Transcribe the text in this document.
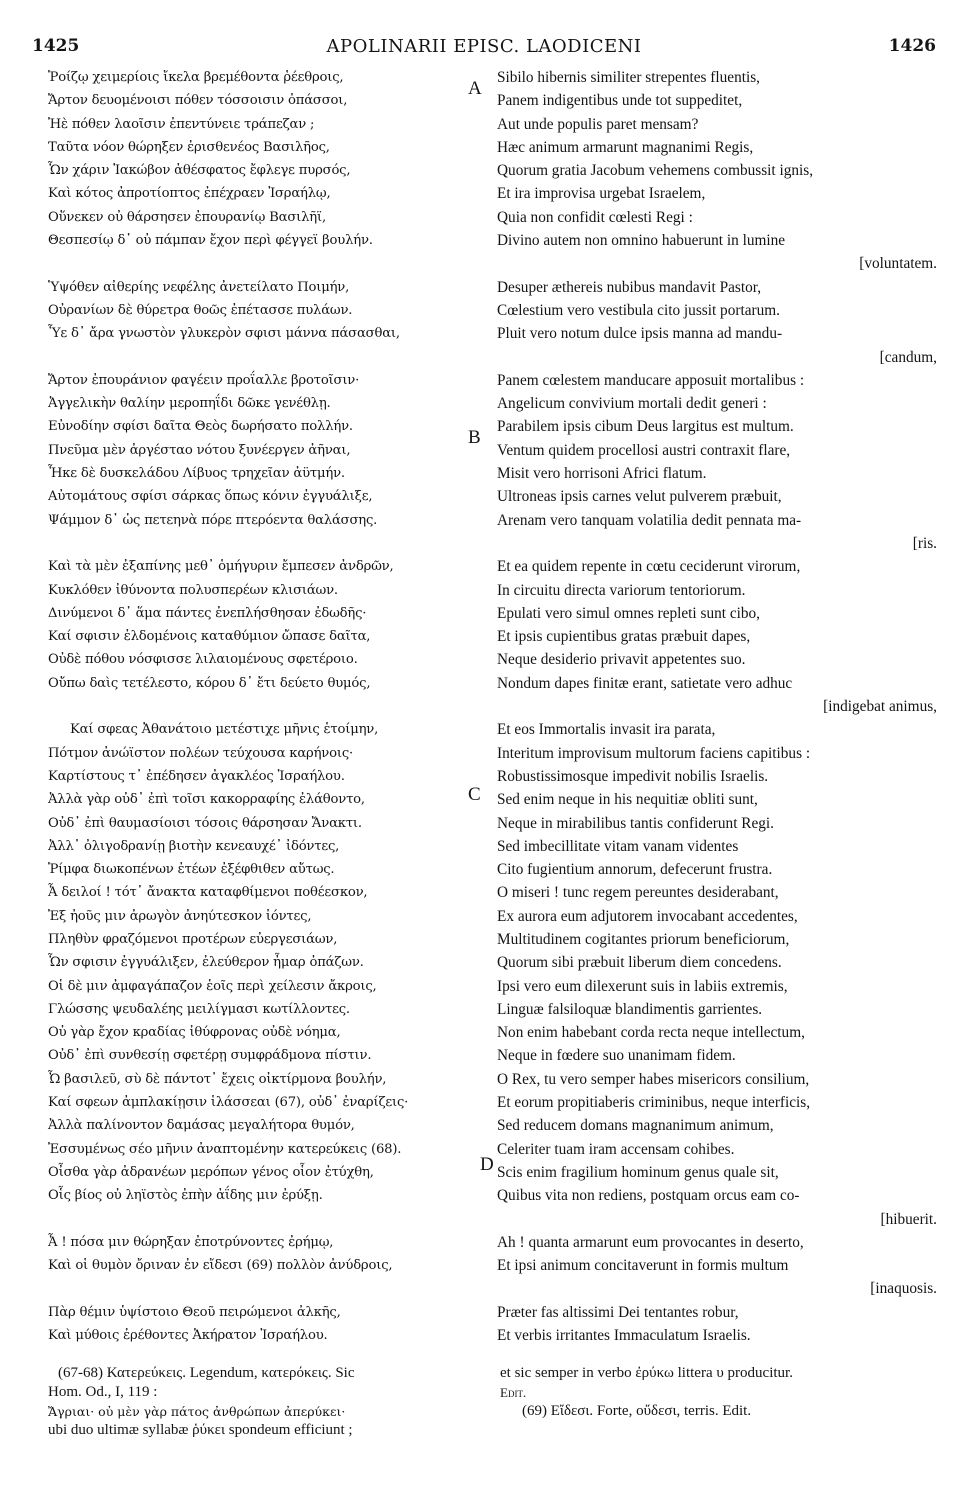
APOLINARII EPISC. LAODICENI
1425	1426
A
B
C
D
Ῥοίζῳ χειμερίοις ἴκελα βρεμέθοντα ῥέεθροις,
Ἄρτον δευομένοισι πόθεν τόσσοισιν ὀπάσσοι,
Ἠὲ πόθεν λαοῖσιν ἐπεντύνειε τράπεζαν ;
Ταῦτα νόον θώρηξεν ἐρισθενέος Βασιλῆος,
Ὧν χάριν Ἰακώβον ἀθέσφατος ἔφλεγε πυρσός,
Καὶ κότος ἀπροτίοπτος ἐπέχραεν Ἰσραήλῳ,
Οὕνεκεν οὐ θάρσησεν ἐπουρανίῳ Βασιλῆϊ,
Θεσπεσίῳ δ᾽ οὐ πάμπαν ἔχον περὶ φέγγεϊ βουλήν.
Ὑψόθεν αἰθερίης νεφέλης ἀνετείλατο Ποιμήν,
Οὐρανίων δὲ θύρετρα θοῶς ἐπέτασσε πυλάων.
Ὗε δ᾽ ἄρα γνωστὸν γλυκερὸν σφισι μάννα πάσασθαι,
Ἄρτον ἐπουράνιον φαγέειν προΐαλλε βροτοῖσιν·
Ἀγγελικὴν θαλίην μεροπηΐδι δῶκε γενέθλῃ.
Εὐνοδίην σφίσι δαῖτα Θεὸς δωρήσατο πολλήν.
Πνεῦμα μὲν ἀργέσταο νότου ξυνέεργεν ἀῆναι,
Ἧκε δὲ δυσκελάδου Λίβυος τρηχεῖαν ἀϋτμήν.
Αὐτομάτους σφίσι σάρκας ὅπως κόνιν ἐγγυάλιξε,
Ψάμμον δ᾽ ὡς πετεηνὰ πόρε πτερόεντα θαλάσσης.
Καὶ τὰ μὲν ἐξαπίνης μεθ᾽ ὁμήγυριν ἔμπεσεν ἀνδρῶν,
Κυκλόθεν ἰθύνοντα πολυσπερέων κλισιάων.
Δινύμενοι δ᾽ ἅμα πάντες ἐνεπλήσθησαν ἐδωδῆς·
Καί σφισιν ἐλδομένοις καταθύμιον ὤπασε δαῖτα,
Οὐδὲ πόθου νόσφισσε λιλαιομένους σφετέροιο.
Οὔπω δαὶς τετέλεστο, κόρου δ᾽ ἔτι δεύετο θυμός,
Καί σφεας Ἀθανάτοιο μετέστιχε μῆνις ἑτοίμην,
Πότμον ἀνώϊστον πολέων τεύχουσα καρήνοις·
Καρτίστους τ᾽ ἐπέδησεν ἀγακλέος Ἰσραήλου.
Ἀλλὰ γὰρ οὐδ᾽ ἐπὶ τοῖσι κακορραφίης ἐλάθοντο,
Οὐδ᾽ ἐπὶ θαυμασίοισι τόσοις θάρσησαν Ἄνακτι.
Ἀλλ᾽ ὀλιγοδρανίῃ βιοτὴν κενεαυχέ᾽ ἰδόντες,
Ῥίμφα διωκοπένων ἐτέων ἐξέφθιθεν αὔτως.
Ἆ δειλοί ! τότ᾽ ἄνακτα καταφθίμενοι ποθέεσκον,
Ἐξ ἠοῦς μιν ἀρωγὸν ἀνηύτεσκον ἰόντες,
Πληθὺν φραζόμενοι προτέρων εὐεργεσιάων,
Ὧν σφισιν ἐγγυάλιξεν, ἐλεύθερον ἦμαρ ὀπάζων.
Οἱ δὲ μιν ἀμφαγάπαζον ἑοῖς περὶ χείλεσιν ἄκροις,
Γλώσσης ψευδαλέης μειλίγμασι κωτίλλοντες.
Οὐ γὰρ ἔχον κραδίας ἰθύφρονας οὐδὲ νόημα,
Οὐδ᾽ ἐπὶ συνθεσίῃ σφετέρῃ συμφράδμονα πίστιν.
Ὦ βασιλεῦ, σὺ δὲ πάντοτ᾽ ἔχεις οἰκτίρμονα βουλήν,
Καί σφεων ἀμπλακίῃσιν ἱλάσσεαι (67), οὐδ᾽ ἐναρίζεις·
Ἀλλὰ παλίνοντον δαμάσας μεγαλήτορα θυμόν,
Ἐσσυμένως σέο μῆνιν ἀναπτομένην κατερεύκεις (68).
Οἶσθα γὰρ ἀδρανέων μερόπων γένος οἷον ἐτύχθη,
Οἷς βίος οὐ ληϊστὸς ἐπὴν ἀΐδης μιν ἐρύξῃ.
Ἆ ! πόσα μιν θώρηξαν ἐποτρύνοντες ἐρήμῳ,
Καὶ οἱ θυμὸν ὄριναν ἐν εἴδεσι (69) πολλὸν ἀνύδροις,
Πὰρ θέμιν ὑψίστοιο Θεοῦ πειρώμενοι ἀλκῆς,
Καὶ μύθοις ἐρέθοντες Ἀκήρατον Ἰσραήλου.
Sibilo hibernis similiter strepentes fluentis,
Panem indigentibus unde tot suppeditet,
Aut unde populis paret mensam?
Hæc animum armarunt magnanimi Regis,
Quorum gratia Jacobum vehemens combussit ignis,
Et ira improvisa urgebat Israelem,
Quia non confidit cœlesti Regi :
Divino autem non omnino habuerunt in lumine
[voluntatem.
Desuper æthereis nubibus mandavit Pastor,
Cœlestium vero vestibula cito jussit portarum.
Pluit vero notum dulce ipsis manna ad mandu-
[candum,
Panem cœlestem manducare apposuit mortalibus :
Angelicum convivium mortali dedit generi :
Parabilem ipsis cibum Deus largitus est multum.
Ventum quidem procellosi austri contraxit flare,
Misit vero horrisoni Africi flatum.
Ultroneas ipsis carnes velut pulverem præbuit,
Arenam vero tanquam volatilia dedit pennata ma-
[ris.
Et ea quidem repente in cœtu ceciderunt virorum,
In circuitu directa variorum tentoriorum.
Epulati vero simul omnes repleti sunt cibo,
Et ipsis cupientibus gratas præbuit dapes,
Neque desiderio privavit appetentes suo.
Nondum dapes finitæ erant, satietate vero adhuc
[indigebat animus,
Et eos Immortalis invasit ira parata,
Interitum improvisum multorum faciens capitibus :
Robustissimosque impedivit nobilis Israelis.
Sed enim neque in his nequitiæ obliti sunt,
Neque in mirabilibus tantis confiderunt Regi.
Sed imbecillitate vitam vanam videntes
Cito fugientium annorum, defecerunt frustra.
O miseri ! tunc regem pereuntes desiderabant,
Ex aurora eum adjutorem invocabant accedentes,
Multitudinem cogitantes priorum beneficiorum,
Quorum sibi præbuit liberum diem concedens.
Ipsi vero eum dilexerunt suis in labiis extremis,
Linguæ falsiloquæ blandimentis garrientes.
Non enim habebant corda recta neque intellectum,
Neque in fœdere suo unanimam fidem.
O Rex, tu vero semper habes misericors consilium,
Et eorum propitiaberis criminibus, neque interficis,
Sed reducem domans magnanimum animum,
Celeriter tuam iram accensam cohibes.
Scis enim fragilium hominum genus quale sit,
Quibus vita non rediens, postquam orcus eam co-
[hibuerit.
Ah ! quanta armarunt eum provocantes in deserto,
Et ipsi animum concitaverunt in formis multum
[inaquosis.
Præter fas altissimi Dei tentantes robur,
Et verbis irritantes Immaculatum Israelis.
(67-68) Κατερεύκεις. Legendum, κατερόκεις. Sic
Hom. Od., I, 119 :
Ἄγριαι· οὐ μὲν γὰρ πάτος ἀνθρώπων ἀπερύκει·
ubi duo ultimæ syllabæ ῥύκει spondeum efficiunt ;
et sic semper in verbo ἐρύκω littera υ producitur.
Edit.
(69) Εἴδεσι. Forte, οὔδεσι, terris. Edit.
